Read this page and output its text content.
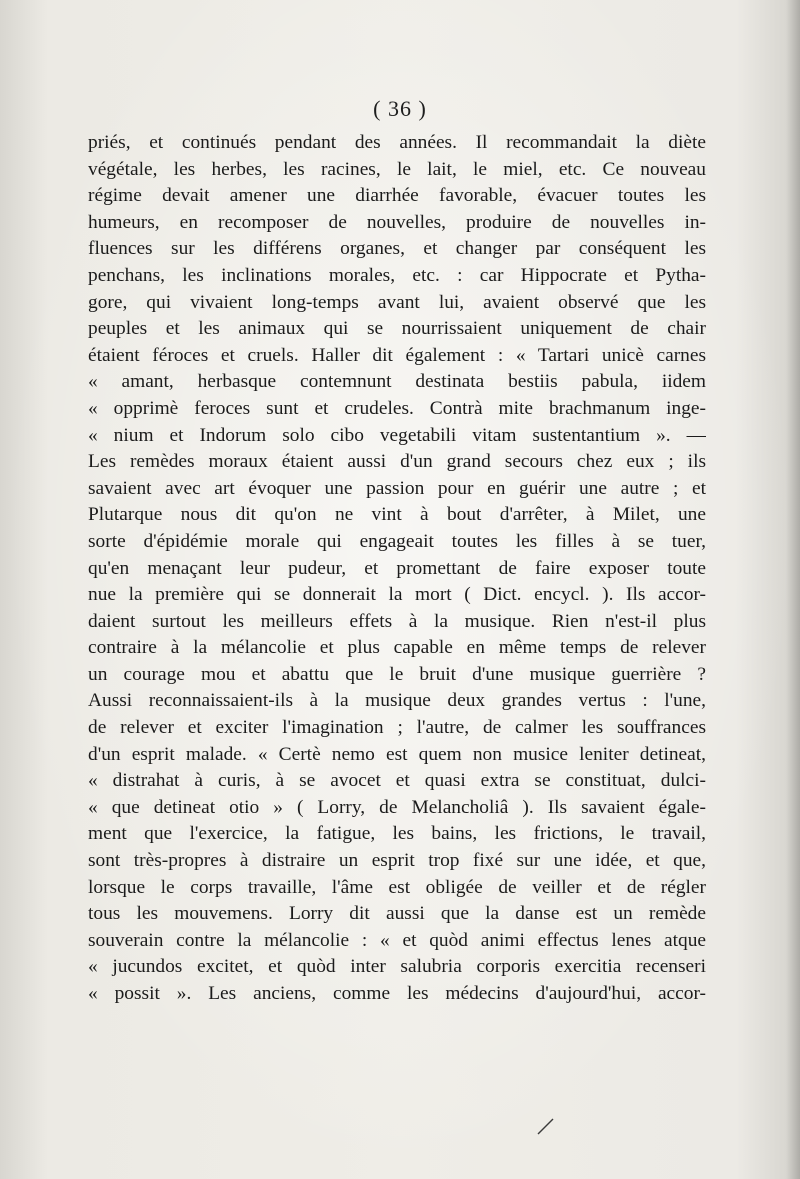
( 36 )
priés, et continués pendant des années. Il recommandait la diète
végétale, les herbes, les racines, le lait, le miel, etc. Ce nouveau
régime devait amener une diarrhée favorable, évacuer toutes les
humeurs, en recomposer de nouvelles, produire de nouvelles in-
fluences sur les différens organes, et changer par conséquent les
penchans, les inclinations morales, etc. : car Hippocrate et Pytha-
gore, qui vivaient long-temps avant lui, avaient observé que les
peuples et les animaux qui se nourrissaient uniquement de chair
étaient féroces et cruels. Haller dit également : « Tartari unicè carnes
« amant, herbasque contemnunt destinata bestiis pabula, iidem
« opprimè feroces sunt et crudeles. Contrà mite brachmanum inge-
« nium et Indorum solo cibo vegetabili vitam sustentantium ». —
Les remèdes moraux étaient aussi d'un grand secours chez eux ; ils
savaient avec art évoquer une passion pour en guérir une autre ; et
Plutarque nous dit qu'on ne vint à bout d'arrêter, à Milet, une
sorte d'épidémie morale qui engageait toutes les filles à se tuer,
qu'en menaçant leur pudeur, et promettant de faire exposer toute
nue la première qui se donnerait la mort ( Dict. encycl. ). Ils accor-
daient surtout les meilleurs effets à la musique. Rien n'est-il plus
contraire à la mélancolie et plus capable en même temps de relever
un courage mou et abattu que le bruit d'une musique guerrière ?
Aussi reconnaissaient-ils à la musique deux grandes vertus : l'une,
de relever et exciter l'imagination ; l'autre, de calmer les souffrances
d'un esprit malade. « Certè nemo est quem non musice leniter detineat,
« distrahat à curis, à se avocet et quasi extra se constituat, dulci-
« que detineat otio » ( Lorry, de Melancholiâ ). Ils savaient égale-
ment que l'exercice, la fatigue, les bains, les frictions, le travail,
sont très-propres à distraire un esprit trop fixé sur une idée, et que,
lorsque le corps travaille, l'âme est obligée de veiller et de régler
tous les mouvemens. Lorry dit aussi que la danse est un remède
souverain contre la mélancolie : « et quòd animi effectus lenes atque
« jucundos excitet, et quòd inter salubria corporis exercitia recenseri
« possit ». Les anciens, comme les médecins d'aujourd'hui, accor-
